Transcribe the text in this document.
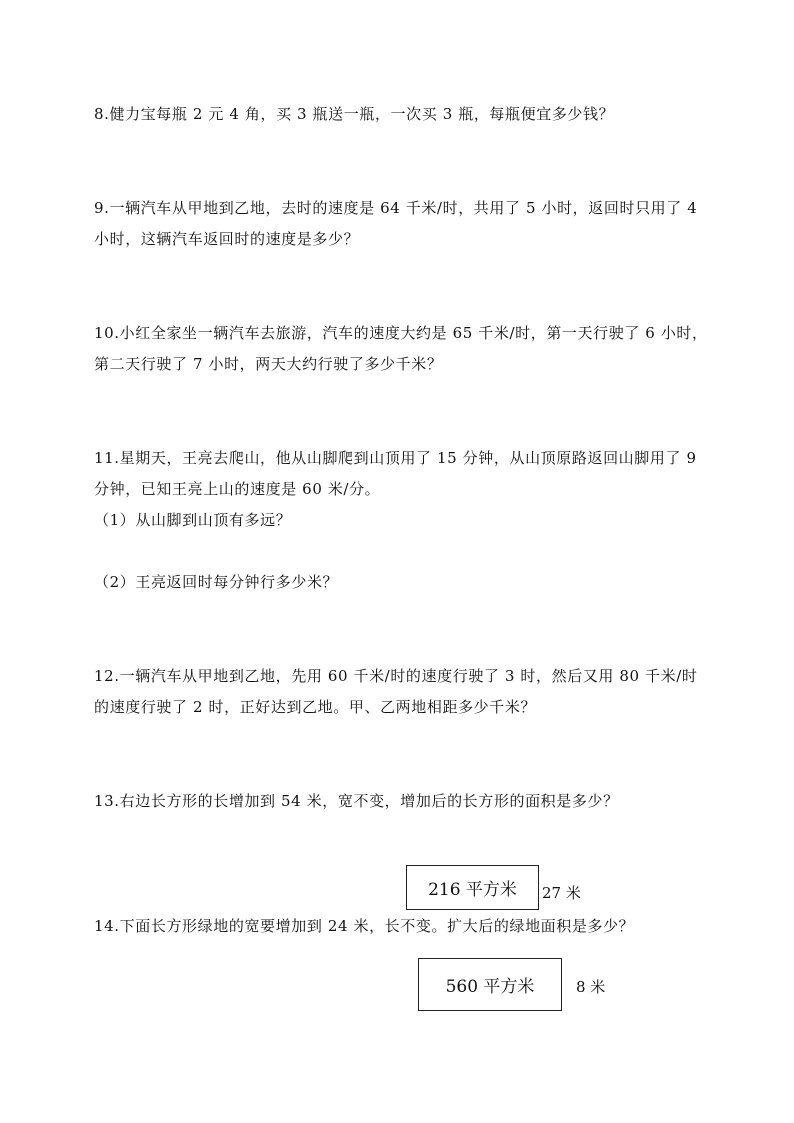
8.健力宝每瓶 2 元 4 角，买 3 瓶送一瓶，一次买 3 瓶，每瓶便宜多少钱？
9.一辆汽车从甲地到乙地，去时的速度是 64 千米/时，共用了 5 小时，返回时只用了 4
小时，这辆汽车返回时的速度是多少？
10.小红全家坐一辆汽车去旅游，汽车的速度大约是 65 千米/时，第一天行驶了 6 小时，
第二天行驶了 7 小时，两天大约行驶了多少千米？
11.星期天，王亮去爬山，他从山脚爬到山顶用了 15 分钟，从山顶原路返回山脚用了 9
分钟，已知王亮上山的速度是 60 米/分。
（1）从山脚到山顶有多远？
（2）王亮返回时每分钟行多少米？
12.一辆汽车从甲地到乙地，先用 60 千米/时的速度行驶了 3 时，然后又用 80 千米/时
的速度行驶了 2 时，正好达到乙地。甲、乙两地相距多少千米？
13.右边长方形的长增加到 54 米，宽不变，增加后的长方形的面积是多少？
216 平方米 27 米
14.下面长方形绿地的宽要增加到 24 米，长不变。扩大后的绿地面积是多少？
560 平方米	8 米
